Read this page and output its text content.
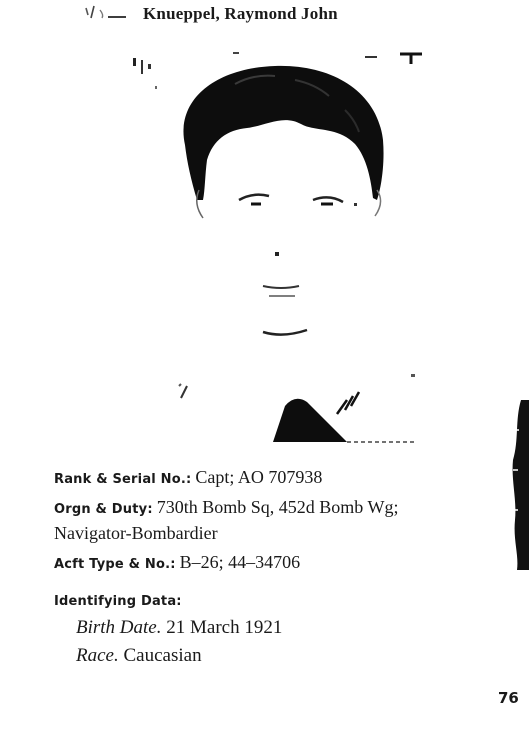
Knueppel, Raymond John
Rank & Serial No.: Capt; AO 707938
Orgn & Duty: 730th Bomb Sq, 452d Bomb Wg;
Navigator-Bombardier
Acft Type & No.: B–26; 44–34706
Identifying Data:
Birth Date. 21 March 1921
Race. Caucasian
76
